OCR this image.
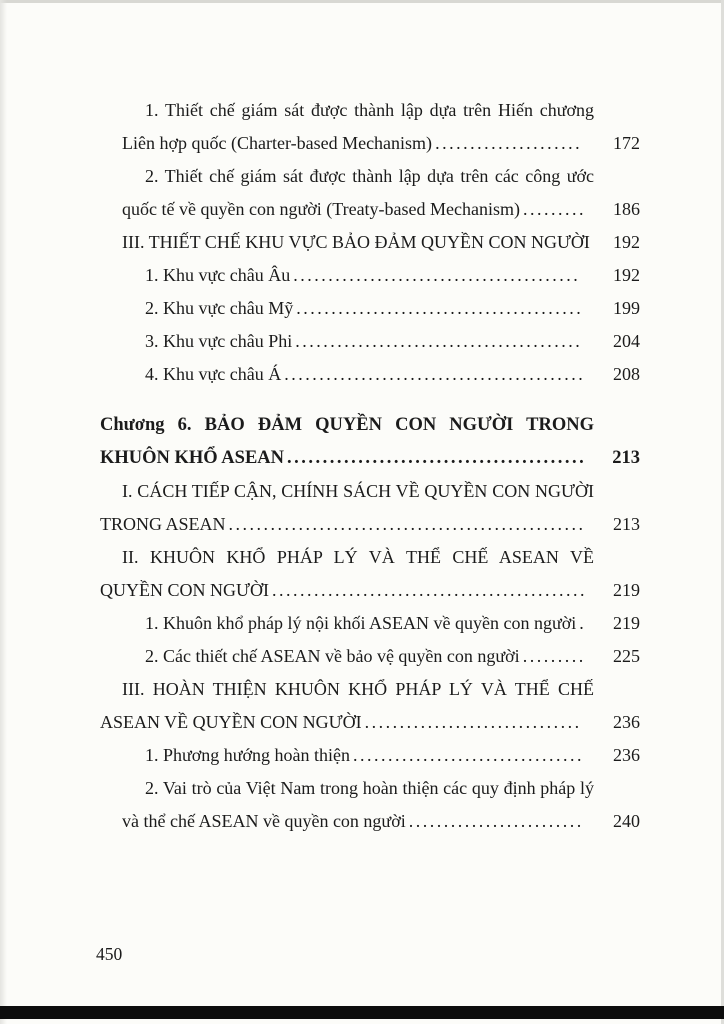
1. Thiết chế giám sát được thành lập dựa trên Hiến chương Liên hợp quốc (Charter-based Mechanism) .....................	172

2. Thiết chế giám sát được thành lập dựa trên các công ước quốc tế về quyền con người (Treaty-based Mechanism) .........	186

III. THIẾT CHẾ KHU VỰC BẢO ĐẢM QUYỀN CON NGƯỜI	192

1. Khu vực châu Âu .........................................	192

2. Khu vực châu Mỹ .........................................	199

3. Khu vực châu Phi .........................................	204

4. Khu vực châu Á ...........................................	208

Chương 6. BẢO ĐẢM QUYỀN CON NGƯỜI TRONG KHUÔN KHỔ ASEAN .......................................... 213

I. CÁCH TIẾP CẬN, CHÍNH SÁCH VỀ QUYỀN CON NGƯỜI TRONG ASEAN ...................................................	213

II. KHUÔN KHỔ PHÁP LÝ VÀ THỂ CHẾ ASEAN VỀ QUYỀN CON NGƯỜI .............................................	219

1. Khuôn khổ pháp lý nội khối ASEAN về quyền con người .	219

2. Các thiết chế ASEAN về bảo vệ quyền con người .........	225

III. HOÀN THIỆN KHUÔN KHỔ PHÁP LÝ VÀ THỂ CHẾ ASEAN VỀ QUYỀN CON NGƯỜI ...............................	236

1. Phương hướng hoàn thiện .................................	236

2. Vai trò của Việt Nam trong hoàn thiện các quy định pháp lý và thể chế ASEAN về quyền con người .........................	240

450
